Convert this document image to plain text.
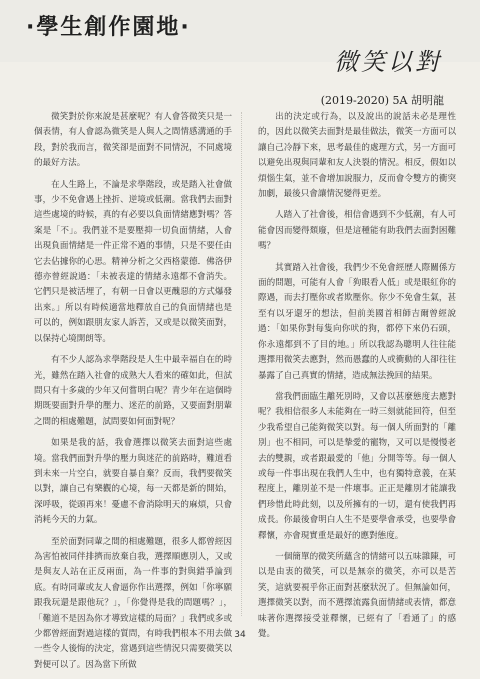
·學生創作園地·
微笑以對
(2019-2020) 5A 胡明龍

微笑對於你來說是甚麼呢？有人會答微笑只是一個表情，有人會認為微笑是人與人之間情感溝通的手段，對於我而言，微笑卻是面對不同情況，不同處境的最好方法。

在人生路上，不論是求學階段，或是踏入社會做事，少不免會遇上挫折、逆境或低潮。當我們去面對這些處境的時候，真的有必要以負面情緒應對嗎？答案是「不」。我們並不是要壓抑一切負面情緒，人會出現負面情緒是一件正常不過的事情，只是不要任由它去佔據你的心思。精神分析之父西格蒙德．佛洛伊德亦曾經說過：「未被表達的情緒永遠都不會消失。它們只是被活埋了，有朝一日會以更醜惡的方式爆發出來。」所以有時候適當地釋放自己的負面情緒也是可以的，例如跟朋友家人訴苦，又或是以微笑面對，以保持心境開朗等。

有不少人認為求學階段是人生中最幸福自在的時光，雖然在踏入社會的成熟大人看來的確如此，但試問只有十多歲的少年又何嘗明白呢？青少年在這個時期既要面對升學的壓力、迷茫的前路，又要面對朋輩之間的相處難題，試問要如何面對呢？

如果是我的話，我會選擇以微笑去面對這些處境。當我們面對升學的壓力與迷茫的前路時，難道看到未來一片空白，就要自暴自棄？反而，我們要微笑以對，讓自己有樂觀的心境，每一天都是新的開始，深呼吸，從頭再來！憂慮不會消除明天的麻煩，只會消耗今天的力氣。

至於面對同輩之間的相處難題，很多人都曾經因為害怕被同伴排擠而放棄自我，選擇順應別人，又或是與友人站在正反兩面，為一件事的對與錯爭論到底。有時同輩或友人會逼你作出選擇，例如「你寧願跟我玩還是跟他玩？」，「你覺得是我的問題嗎？」，「難道不是因為你才導致這樣的局面？」我們或多或少都曾經面對過這樣的質問，有時我們根本不用去做一些令人後悔的決定，當遇到這些情況只需要微笑以對便可以了。因為當下所做

出的決定或行為，以及說出的說話未必是理性的，因此以微笑去面對是最佳做法，微笑一方面可以讓自己冷靜下來，思考最佳的處理方式，另一方面可以避免出現與同輩和友人決裂的情況。相反，假如以煩惱生氣，並不會增加說服力，反而會令雙方的衝突加劇，最後只會讓情況變得更差。

人踏入了社會後，相信會遇到不少低潮，有人可能會因而變得頹廢，但是這種能有助我們去面對困難嗎？

其實踏入社會後，我們少不免會經歷人際關係方面的問題，可能有人會「狗眼看人低」或是眼紅你的際遇，而去打壓你或者欺壓你。你少不免會生氣，甚至有以牙還牙的想法，但前美國首相師吉爾曾經說過：「如果你對每隻向你吠的狗，都停下來仍石頭，你永遠都到不了目的地。」所以我認為聰明人往往能選擇用微笑去應對，然而愚蠢的人或衝動的人卻往往暴露了自己真實的情緒，造成無法挽回的結果。

當我們面臨生離死別時，又會以甚麼態度去應對呢？我相信很多人未能夠在一時三刻就能回符，但至少我希望自己能夠微笑以對。每一個人所面對的「離別」也不相同，可以是摯愛的寵物，又可以是慢慢老去的雙親，或者跟最愛的「他」分開等等。每一個人或每一件事出現在我們人生中，也有獨特意義，在某程度上，離別並不是一件壞事。正正是離別才能讓我們珍惜此時此刻，以及所擁有的一切，還有使我們再成長。你最後會明白人生不是要學會承受，也要學會釋懷，亦會現實重是最好的應對態度。

一個簡單的微笑所蘊含的情緒可以五味雜陳，可以是由衷的微笑，可以是無奈的微笑，亦可以是苦笑，這就要視乎你正面對甚麼狀況了。但無論如何，選擇微笑以對，而不選擇流露負面情緒或表情，都意味著你選擇接受並釋懷，已經有了「看通了」的感覺。

34
